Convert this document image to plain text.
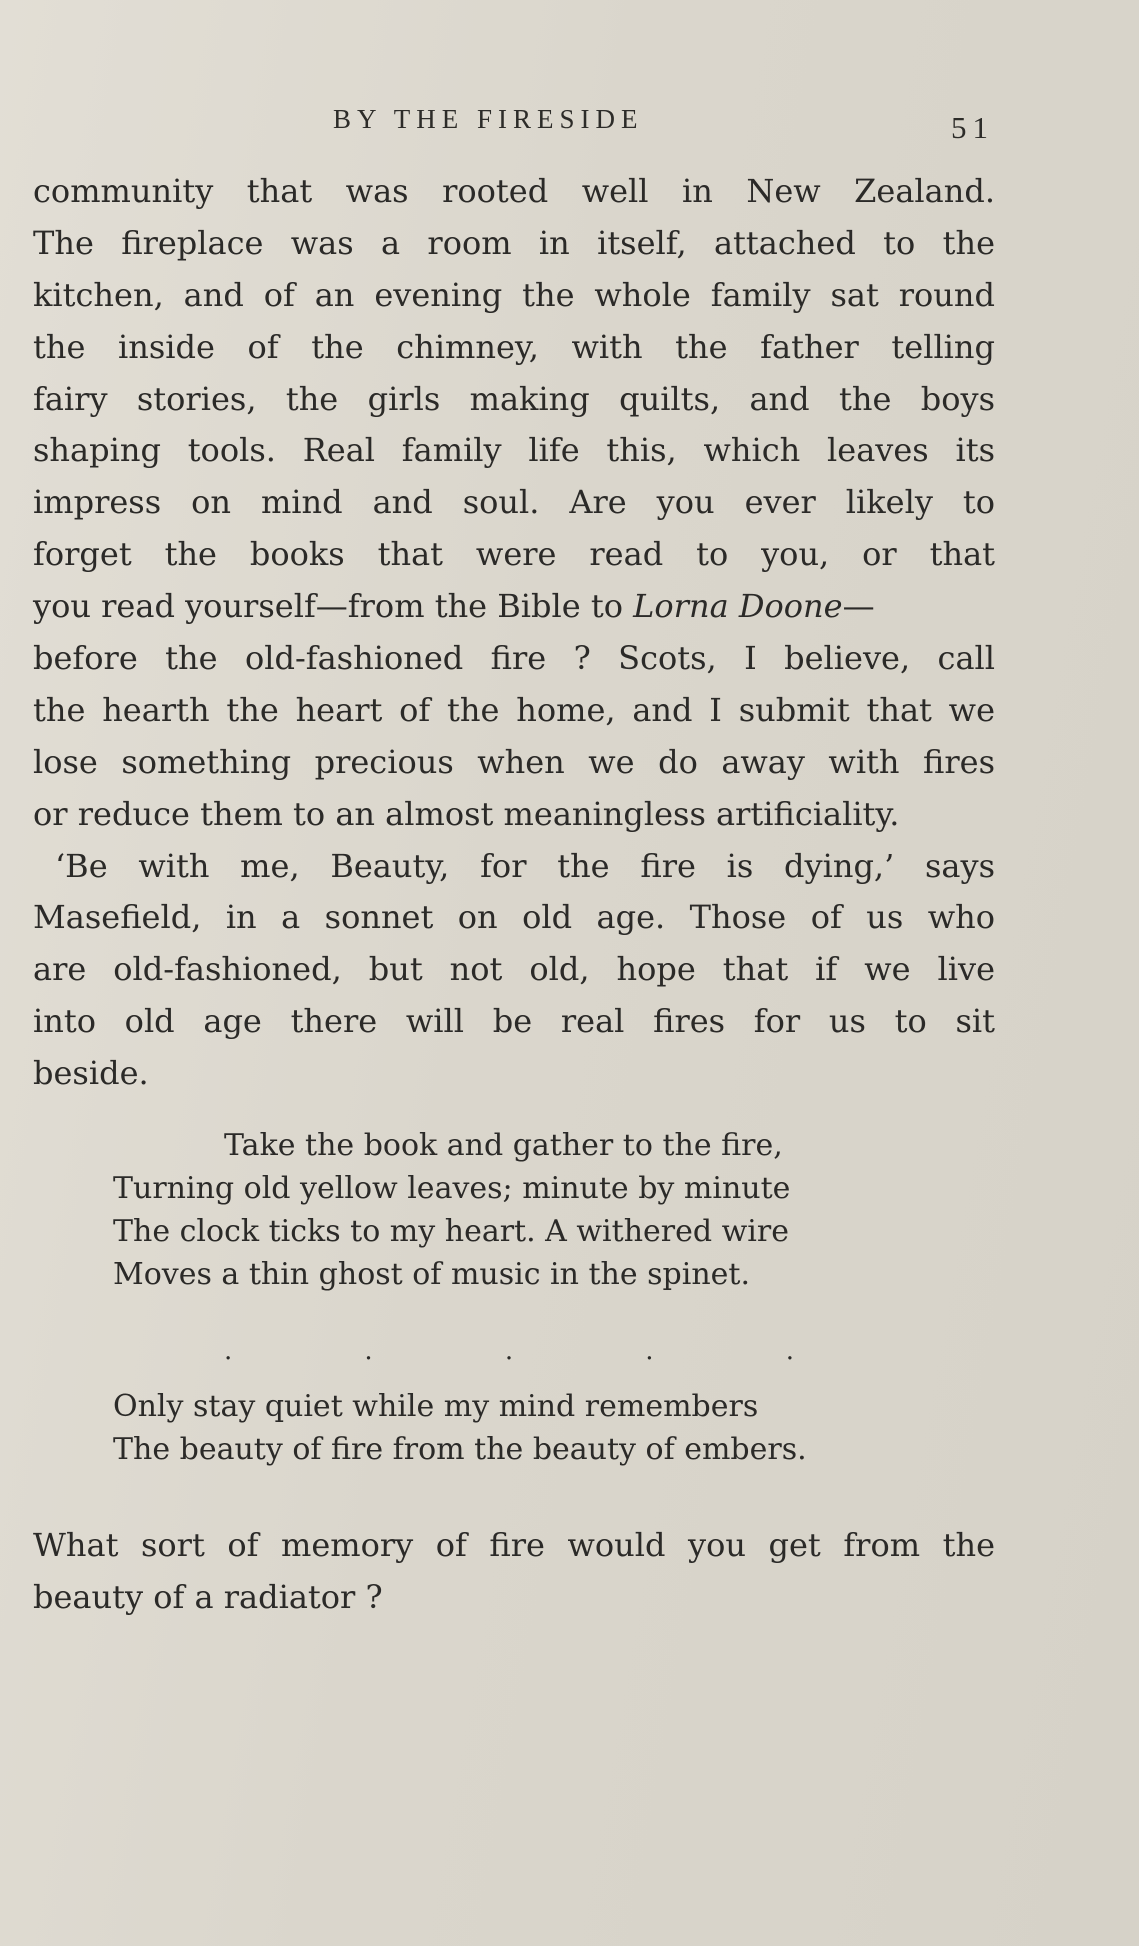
BY THE FIRESIDE	51
community that was rooted well in New Zealand.
The fireplace was a room in itself, attached to the
kitchen, and of an evening the whole family sat round
the inside of the chimney, with the father telling
fairy stories, the girls making quilts, and the boys
shaping tools. Real family life this, which leaves its
impress on mind and soul. Are you ever likely to
forget the books that were read to you, or that
you read yourself—from the Bible to Lorna Doone—
before the old-fashioned fire ? Scots, I believe, call
the hearth the heart of the home, and I submit that we
lose something precious when we do away with fires
or reduce them to an almost meaningless artificiality.
‘Be with me, Beauty, for the fire is dying,’ says
Masefield, in a sonnet on old age. Those of us who
are old-fashioned, but not old, hope that if we live
into old age there will be real fires for us to sit
beside.
Take the book and gather to the fire,
Turning old yellow leaves; minute by minute
The clock ticks to my heart. A withered wire
Moves a thin ghost of music in the spinet.
.	.	.	.	.
Only stay quiet while my mind remembers
The beauty of fire from the beauty of embers.
What sort of memory of fire would you get from the
beauty of a radiator ?
